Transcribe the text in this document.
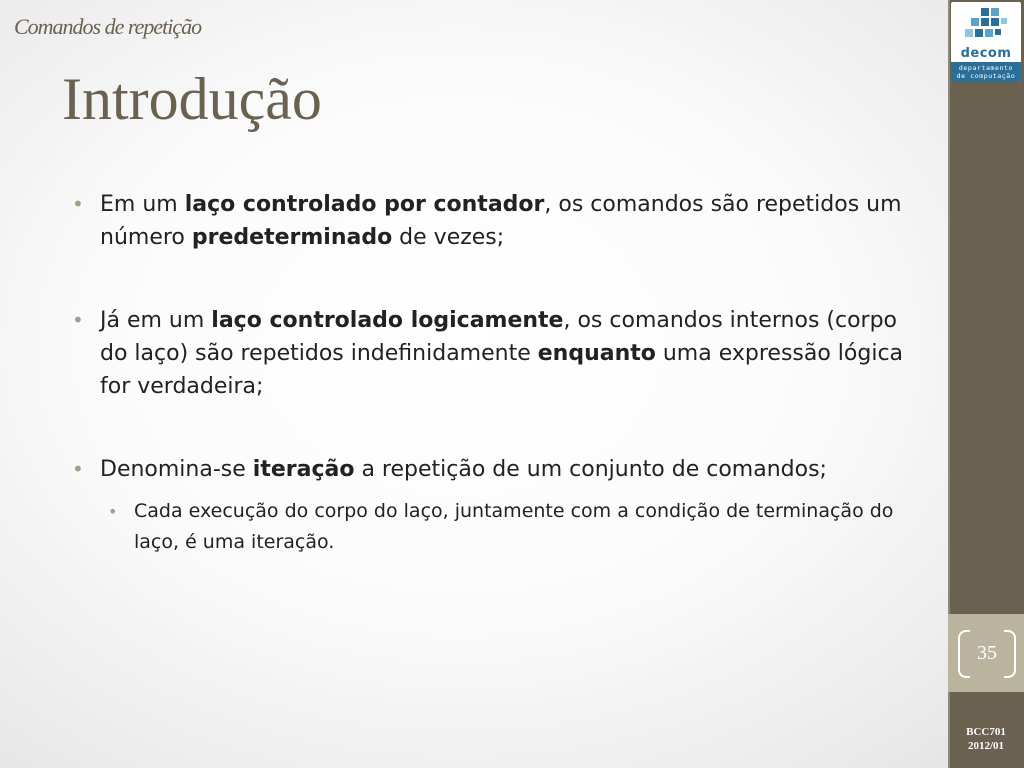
decom
departamento
de computação
35
BCC701
2012/01
Comandos de repetição
Introdução
• Em um laço controlado por contador, os comandos são repetidos um número predeterminado de vezes;
• Já em um laço controlado logicamente, os comandos internos (corpo do laço) são repetidos indefinidamente enquanto uma expressão lógica for verdadeira;
• Denomina-se iteração a repetição de um conjunto de comandos;
• Cada execução do corpo do laço, juntamente com a condição de terminação do laço, é uma iteração.
